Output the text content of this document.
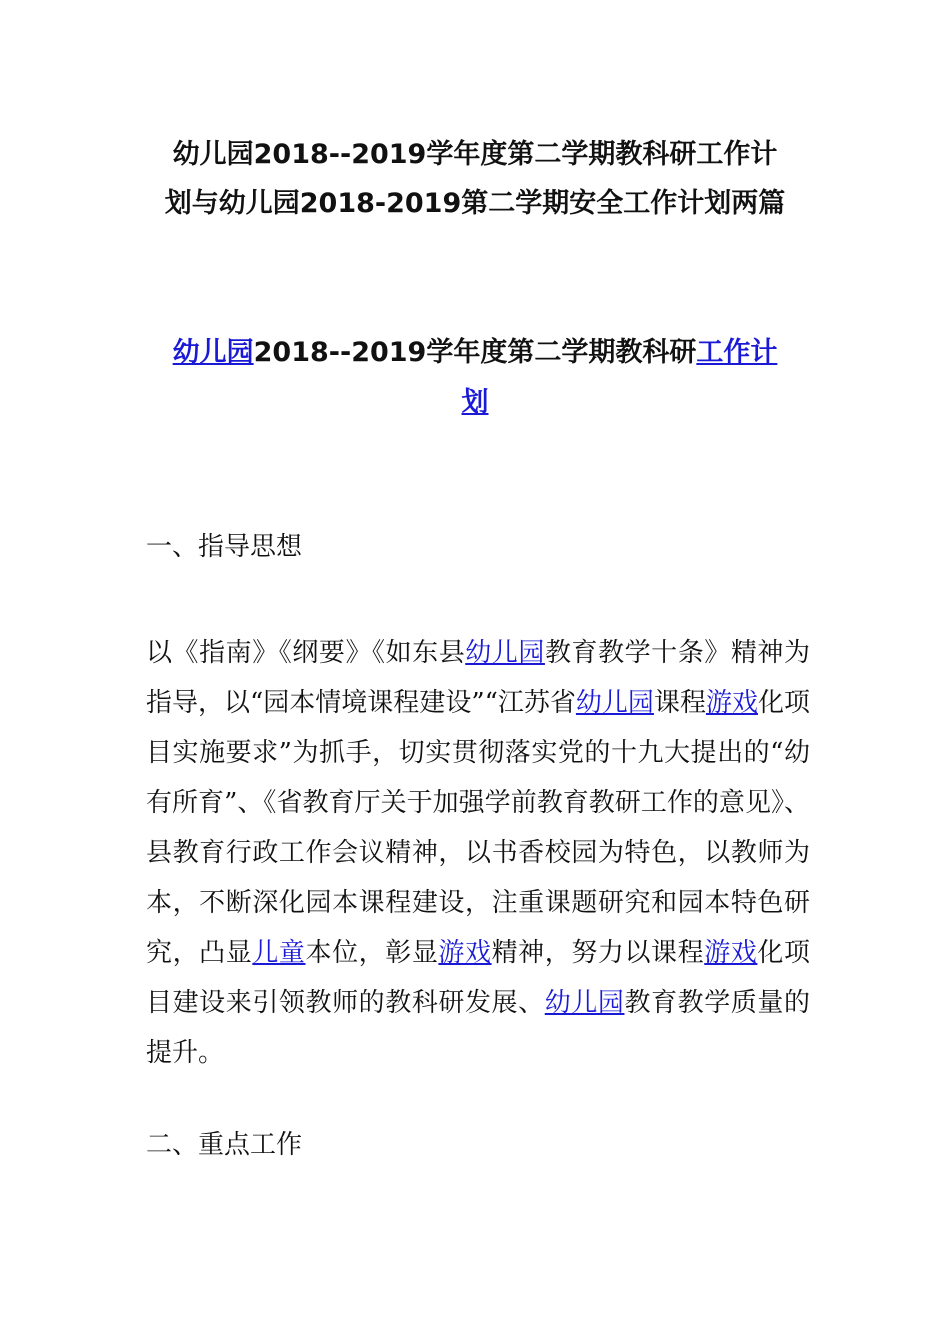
幼儿园2018--2019学年度第二学期教科研工作计
划与幼儿园2018-2019第二学期安全工作计划两篇
幼儿园2018--2019学年度第二学期教科研工作计
划

一、指导思想

以《指南》《纲要》《如东县幼儿园教育教学十条》精神为指导，以“园本情境课程建设”“江苏省幼儿园课程游戏化项目实施要求”为抓手，切实贯彻落实党的十九大提出的“幼有所育”、《省教育厅关于加强学前教育教研工作的意见》、县教育行政工作会议精神，以书香校园为特色，以教师为本，不断深化园本课程建设，注重课题研究和园本特色研究，凸显儿童本位，彰显游戏精神，努力以课程游戏化项目建设来引领教师的教科研发展、幼儿园教育教学质量的提升。

二、重点工作
